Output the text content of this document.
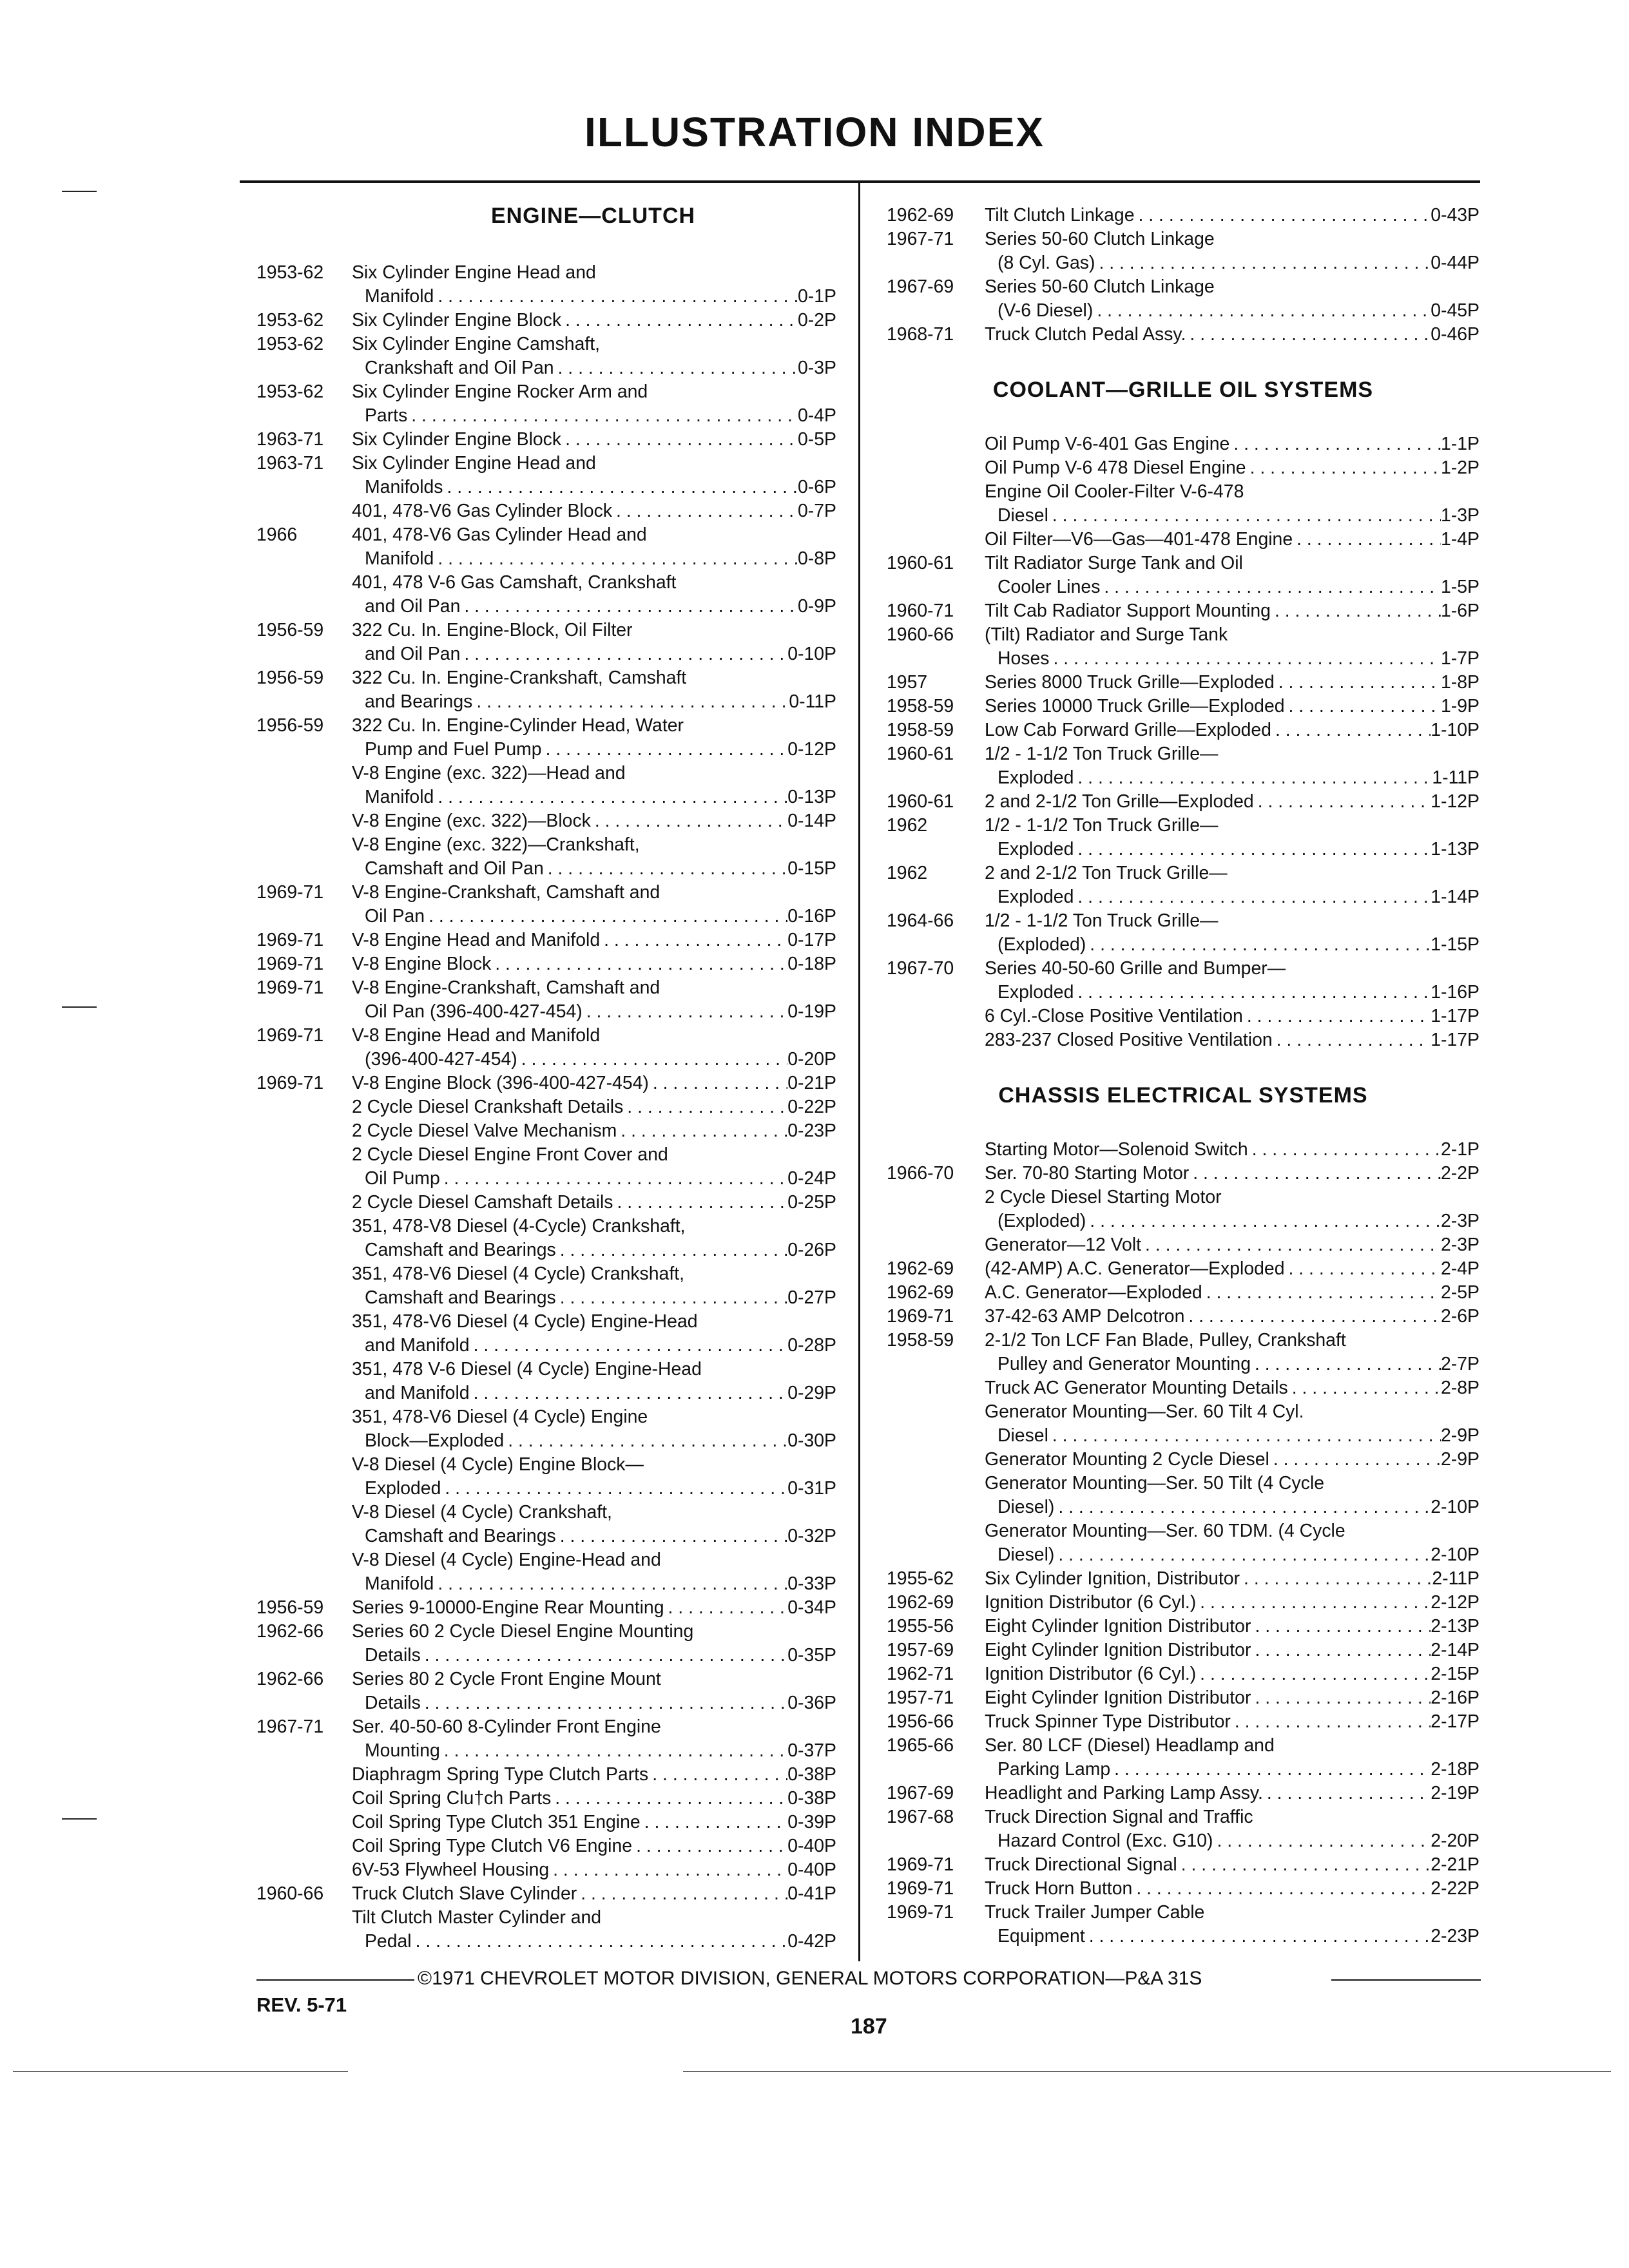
ILLUSTRATION INDEX
ENGINE—CLUTCH
1953-62	Six Cylinder Engine Head and
Manifold . . .	0-1P
1953-62	Six Cylinder Engine Block . . .	0-2P
1953-62	Six Cylinder Engine Camshaft,
Crankshaft and Oil Pan . . .	0-3P
1953-62	Six Cylinder Engine Rocker Arm and
Parts . . .	0-4P
1963-71	Six Cylinder Engine Block . . .	0-5P
1963-71	Six Cylinder Engine Head and
Manifolds . . .	0-6P
401, 478-V6 Gas Cylinder Block . . .	0-7P
1966	401, 478-V6 Gas Cylinder Head and
Manifold . . .	0-8P
401, 478 V-6 Gas Camshaft, Crankshaft
and Oil Pan . . .	0-9P
1956-59	322 Cu. In. Engine-Block, Oil Filter
and Oil Pan . . .	0-10P
1956-59	322 Cu. In. Engine-Crankshaft, Camshaft
and Bearings . . .	0-11P
1956-59	322 Cu. In. Engine-Cylinder Head, Water
Pump and Fuel Pump . . .	0-12P
V-8 Engine (exc. 322)—Head and
Manifold . . .	0-13P
V-8 Engine (exc. 322)—Block . . .	0-14P
V-8 Engine (exc. 322)—Crankshaft,
Camshaft and Oil Pan . . .	0-15P
1969-71	V-8 Engine-Crankshaft, Camshaft and
Oil Pan . . .	0-16P
1969-71	V-8 Engine Head and Manifold . . .	0-17P
1969-71	V-8 Engine Block . . .	0-18P
1969-71	V-8 Engine-Crankshaft, Camshaft and
Oil Pan (396-400-427-454) . . .	0-19P
1969-71	V-8 Engine Head and Manifold
(396-400-427-454) . . .	0-20P
1969-71	V-8 Engine Block (396-400-427-454) . . .	0-21P
2 Cycle Diesel Crankshaft Details . . .	0-22P
2 Cycle Diesel Valve Mechanism . . .	0-23P
2 Cycle Diesel Engine Front Cover and
Oil Pump . . .	0-24P
2 Cycle Diesel Camshaft Details . . .	0-25P
351, 478-V8 Diesel (4-Cycle) Crankshaft,
Camshaft and Bearings . . .	0-26P
351, 478-V6 Diesel (4 Cycle) Crankshaft,
Camshaft and Bearings . . .	0-27P
351, 478-V6 Diesel (4 Cycle) Engine-Head
and Manifold . . .	0-28P
351, 478 V-6 Diesel (4 Cycle) Engine-Head
and Manifold . . .	0-29P
351, 478-V6 Diesel (4 Cycle) Engine
Block—Exploded . . .	0-30P
V-8 Diesel (4 Cycle) Engine Block—
Exploded . . .	0-31P
V-8 Diesel (4 Cycle) Crankshaft,
Camshaft and Bearings . . .	0-32P
V-8 Diesel (4 Cycle) Engine-Head and
Manifold . . .	0-33P
1956-59	Series 9-10000-Engine Rear Mounting . . .	0-34P
1962-66	Series 60 2 Cycle Diesel Engine Mounting
Details . . .	0-35P
1962-66	Series 80 2 Cycle Front Engine Mount
Details . . .	0-36P
1967-71	Ser. 40-50-60 8-Cylinder Front Engine
Mounting . . .	0-37P
Diaphragm Spring Type Clutch Parts . . .	0-38P
Coil Spring Clu†ch Parts . . .	0-38P
Coil Spring Type Clutch 351 Engine . . .	0-39P
Coil Spring Type Clutch V6 Engine . . .	0-40P
6V-53 Flywheel Housing . . .	0-40P
1960-66	Truck Clutch Slave Cylinder . . .	0-41P
Tilt Clutch Master Cylinder and
Pedal . . .	0-42P
1962-69	Tilt Clutch Linkage . . .	0-43P
1967-71	Series 50-60 Clutch Linkage
(8 Cyl. Gas) . . .	0-44P
1967-69	Series 50-60 Clutch Linkage
(V-6 Diesel) . . .	0-45P
1968-71	Truck Clutch Pedal Assy. . . .	0-46P
COOLANT—GRILLE OIL SYSTEMS
Oil Pump V-6-401 Gas Engine . . .	1-1P
Oil Pump V-6 478 Diesel Engine . . .	1-2P
Engine Oil Cooler-Filter V-6-478
Diesel . . .	1-3P
Oil Filter—V6—Gas—401-478 Engine . . .	1-4P
1960-61	Tilt Radiator Surge Tank and Oil
Cooler Lines . . .	1-5P
1960-71	Tilt Cab Radiator Support Mounting . . .	1-6P
1960-66	(Tilt) Radiator and Surge Tank
Hoses . . .	1-7P
1957	Series 8000 Truck Grille—Exploded . . .	1-8P
1958-59	Series 10000 Truck Grille—Exploded . . .	1-9P
1958-59	Low Cab Forward Grille—Exploded . . .	1-10P
1960-61	1/2 - 1-1/2 Ton Truck Grille—
Exploded . . .	1-11P
1960-61	2 and 2-1/2 Ton Grille—Exploded . . .	1-12P
1962	1/2 - 1-1/2 Ton Truck Grille—
Exploded . . .	1-13P
1962	2 and 2-1/2 Ton Truck Grille—
Exploded . . .	1-14P
1964-66	1/2 - 1-1/2 Ton Truck Grille—
(Exploded) . . .	1-15P
1967-70	Series 40-50-60 Grille and Bumper—
Exploded . . .	1-16P
6 Cyl.-Close Positive Ventilation . . .	1-17P
283-237 Closed Positive Ventilation . . .	1-17P
CHASSIS ELECTRICAL SYSTEMS
Starting Motor—Solenoid Switch . . .	2-1P
1966-70	Ser. 70-80 Starting Motor . . .	2-2P
2 Cycle Diesel Starting Motor
(Exploded) . . .	2-3P
Generator—12 Volt . . .	2-3P
1962-69	(42-AMP) A.C. Generator—Exploded . . .	2-4P
1962-69	A.C. Generator—Exploded . . .	2-5P
1969-71	37-42-63 AMP Delcotron . . .	2-6P
1958-59	2-1/2 Ton LCF Fan Blade, Pulley, Crankshaft
Pulley and Generator Mounting . . .	2-7P
Truck AC Generator Mounting Details . . .	2-8P
Generator Mounting—Ser. 60 Tilt 4 Cyl.
Diesel . . .	2-9P
Generator Mounting 2 Cycle Diesel . . .	2-9P
Generator Mounting—Ser. 50 Tilt (4 Cycle
Diesel) . . .	2-10P
Generator Mounting—Ser. 60 TDM. (4 Cycle
Diesel) . . .	2-10P
1955-62	Six Cylinder Ignition, Distributor . . .	2-11P
1962-69	Ignition Distributor (6 Cyl.) . . .	2-12P
1955-56	Eight Cylinder Ignition Distributor . . .	2-13P
1957-69	Eight Cylinder Ignition Distributor . . .	2-14P
1962-71	Ignition Distributor (6 Cyl.) . . .	2-15P
1957-71	Eight Cylinder Ignition Distributor . . .	2-16P
1956-66	Truck Spinner Type Distributor . . .	2-17P
1965-66	Ser. 80 LCF (Diesel) Headlamp and
Parking Lamp . . .	2-18P
1967-69	Headlight and Parking Lamp Assy. . . .	2-19P
1967-68	Truck Direction Signal and Traffic
Hazard Control (Exc. G10) . . .	2-20P
1969-71	Truck Directional Signal . . .	2-21P
1969-71	Truck Horn Button . . .	2-22P
1969-71	Truck Trailer Jumper Cable
Equipment . . .	2-23P
©1971 CHEVROLET MOTOR DIVISION, GENERAL MOTORS CORPORATION—P&A 31S
REV. 5-71
187
